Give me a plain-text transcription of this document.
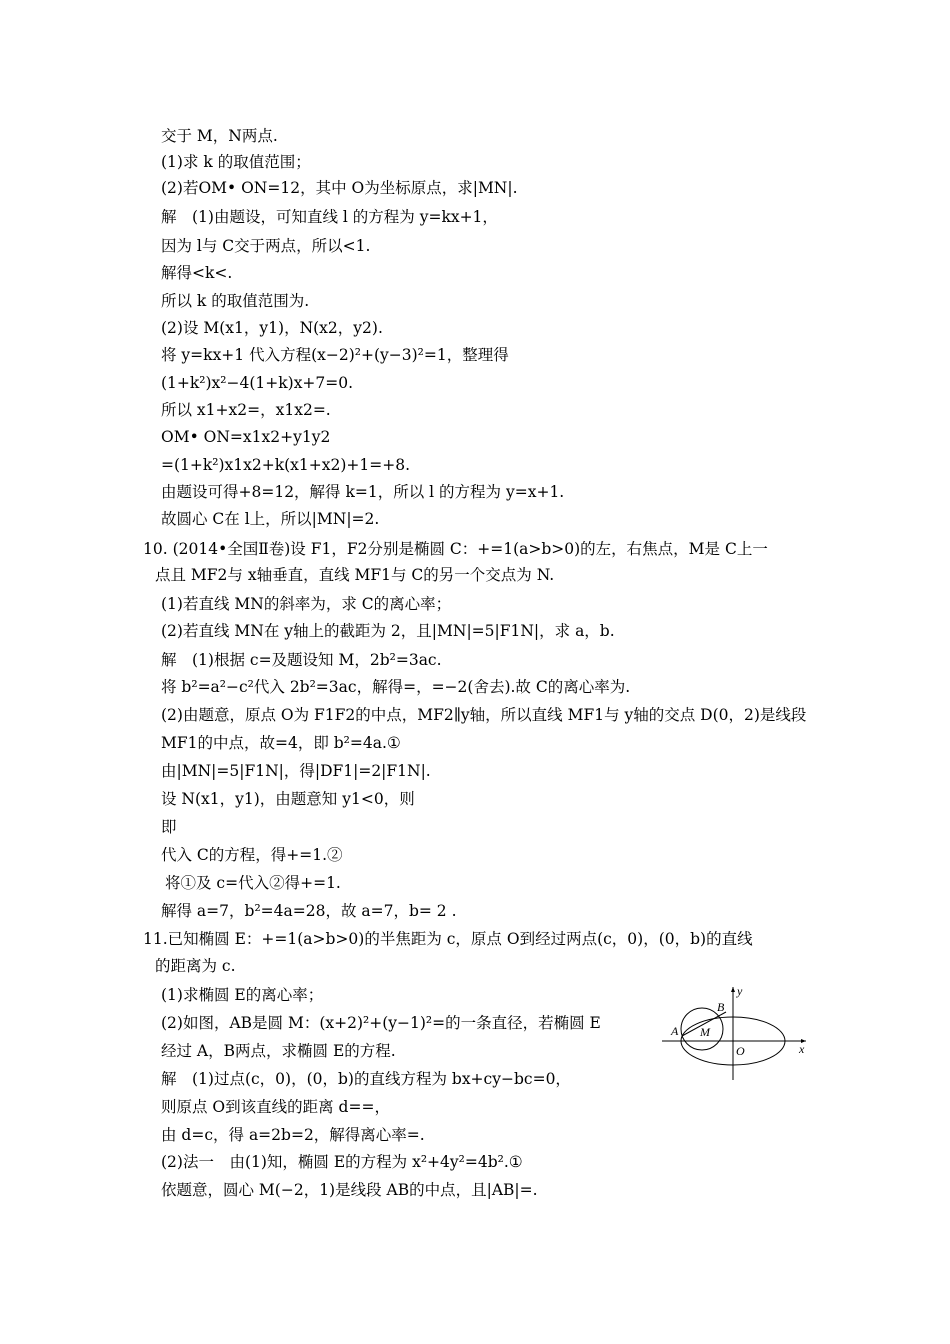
交于 M，N两点.
(1)求 k 的取值范围；
(2)若OM• ON=12，其中 O为坐标原点，求|MN|.
解　(1)由题设，可知直线 l 的方程为 y=kx+1，
因为 l与 C交于两点，所以<1.
解得<k<.
所以 k 的取值范围为.
(2)设 M(x1，y1)，N(x2，y2).
将 y=kx+1 代入方程(x−2)²+(y−3)²=1，整理得
(1+k²)x²−4(1+k)x+7=0.
所以 x1+x2=，x1x2=.
OM• ON=x1x2+y1y2
=(1+k²)x1x2+k(x1+x2)+1=+8.
由题设可得+8=12，解得 k=1，所以 l 的方程为 y=x+1.
故圆心 C在 l上，所以|MN|=2.
10. (2014•全国Ⅱ卷)设 F1，F2分别是椭圆 C：+=1(a>b>0)的左，右焦点，M是 C上一
点且 MF2与 x轴垂直，直线 MF1与 C的另一个交点为 N.
(1)若直线 MN的斜率为，求 C的离心率；
(2)若直线 MN在 y轴上的截距为 2，且|MN|=5|F1N|，求 a，b.
解　(1)根据 c=及题设知 M，2b²=3ac.
将 b²=a²−c²代入 2b²=3ac，解得=，=−2(舍去).故 C的离心率为.
(2)由题意，原点 O为 F1F2的中点，MF2∥y轴，所以直线 MF1与 y轴的交点 D(0，2)是线段
MF1的中点，故=4，即 b²=4a.①
由|MN|=5|F1N|，得|DF1|=2|F1N|.
设 N(x1，y1)，由题意知 y1<0，则
即
代入 C的方程，得+=1.②
将①及 c=代入②得+=1.
解得 a=7，b²=4a=28，故 a=7，b= 2 .
11.已知椭圆 E：+=1(a>b>0)的半焦距为 c，原点 O到经过两点(c，0)，(0，b)的直线
的距离为 c.
(1)求椭圆 E的离心率；
(2)如图，AB是圆 M：(x+2)²+(y−1)²=的一条直径，若椭圆 E
经过 A，B两点，求椭圆 E的方程.
解　(1)过点(c，0)，(0，b)的直线方程为 bx+cy−bc=0，
则原点 O到该直线的距离 d==，
由 d=c，得 a=2b=2，解得离心率=.
(2)法一　由(1)知，椭圆 E的方程为 x²+4y²=4b².①
依题意，圆心 M(−2，1)是线段 AB的中点，且|AB|=.
A
B
M
O	x
y
